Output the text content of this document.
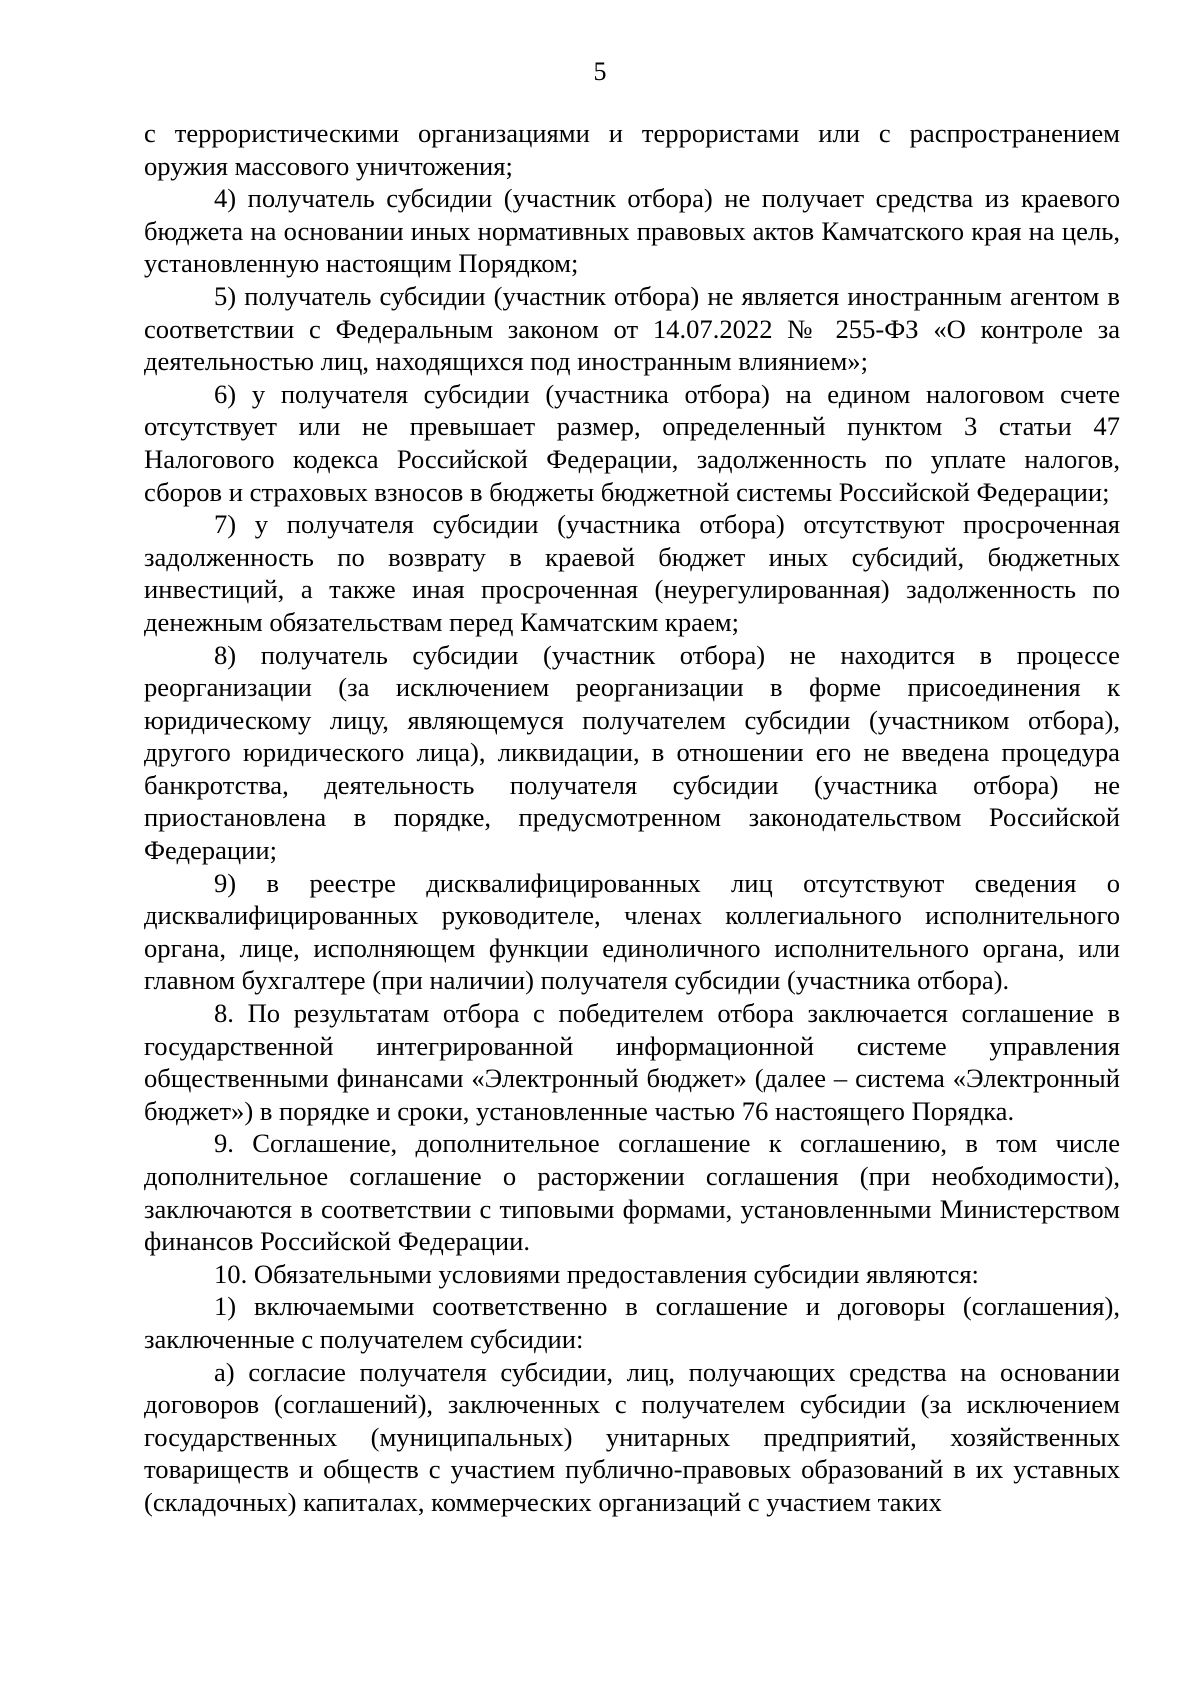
5

с террористическими организациями и террористами или с распространением оружия массового уничтожения;

4) получатель субсидии (участник отбора) не получает средства из краевого бюджета на основании иных нормативных правовых актов Камчатского края на цель, установленную настоящим Порядком;

5) получатель субсидии (участник отбора) не является иностранным агентом в соответствии с Федеральным законом от 14.07.2022 № 255-ФЗ «О контроле за деятельностью лиц, находящихся под иностранным влиянием»;

6) у получателя субсидии (участника отбора) на едином налоговом счете отсутствует или не превышает размер, определенный пунктом 3 статьи 47 Налогового кодекса Российской Федерации, задолженность по уплате налогов, сборов и страховых взносов в бюджеты бюджетной системы Российской Федерации;

7) у получателя субсидии (участника отбора) отсутствуют просроченная задолженность по возврату в краевой бюджет иных субсидий, бюджетных инвестиций, а также иная просроченная (неурегулированная) задолженность по денежным обязательствам перед Камчатским краем;

8) получатель субсидии (участник отбора) не находится в процессе реорганизации (за исключением реорганизации в форме присоединения к юридическому лицу, являющемуся получателем субсидии (участником отбора), другого юридического лица), ликвидации, в отношении его не введена процедура банкротства, деятельность получателя субсидии (участника отбора) не приостановлена в порядке, предусмотренном законодательством Российской Федерации;

9) в реестре дисквалифицированных лиц отсутствуют сведения о дисквалифицированных руководителе, членах коллегиального исполнительного органа, лице, исполняющем функции единоличного исполнительного органа, или главном бухгалтере (при наличии) получателя субсидии (участника отбора).

8. По результатам отбора с победителем отбора заключается соглашение в государственной интегрированной информационной системе управления общественными финансами «Электронный бюджет» (далее – система «Электронный бюджет») в порядке и сроки, установленные частью 76 настоящего Порядка.

9. Соглашение, дополнительное соглашение к соглашению, в том числе дополнительное соглашение о расторжении соглашения (при необходимости), заключаются в соответствии с типовыми формами, установленными Министерством финансов Российской Федерации.

10. Обязательными условиями предоставления субсидии являются:

1) включаемыми соответственно в соглашение и договоры (соглашения), заключенные с получателем субсидии:

а) согласие получателя субсидии, лиц, получающих средства на основании договоров (соглашений), заключенных с получателем субсидии (за исключением государственных (муниципальных) унитарных предприятий, хозяйственных товариществ и обществ с участием публично-правовых образований в их уставных (складочных) капиталах, коммерческих организаций с участием таких
